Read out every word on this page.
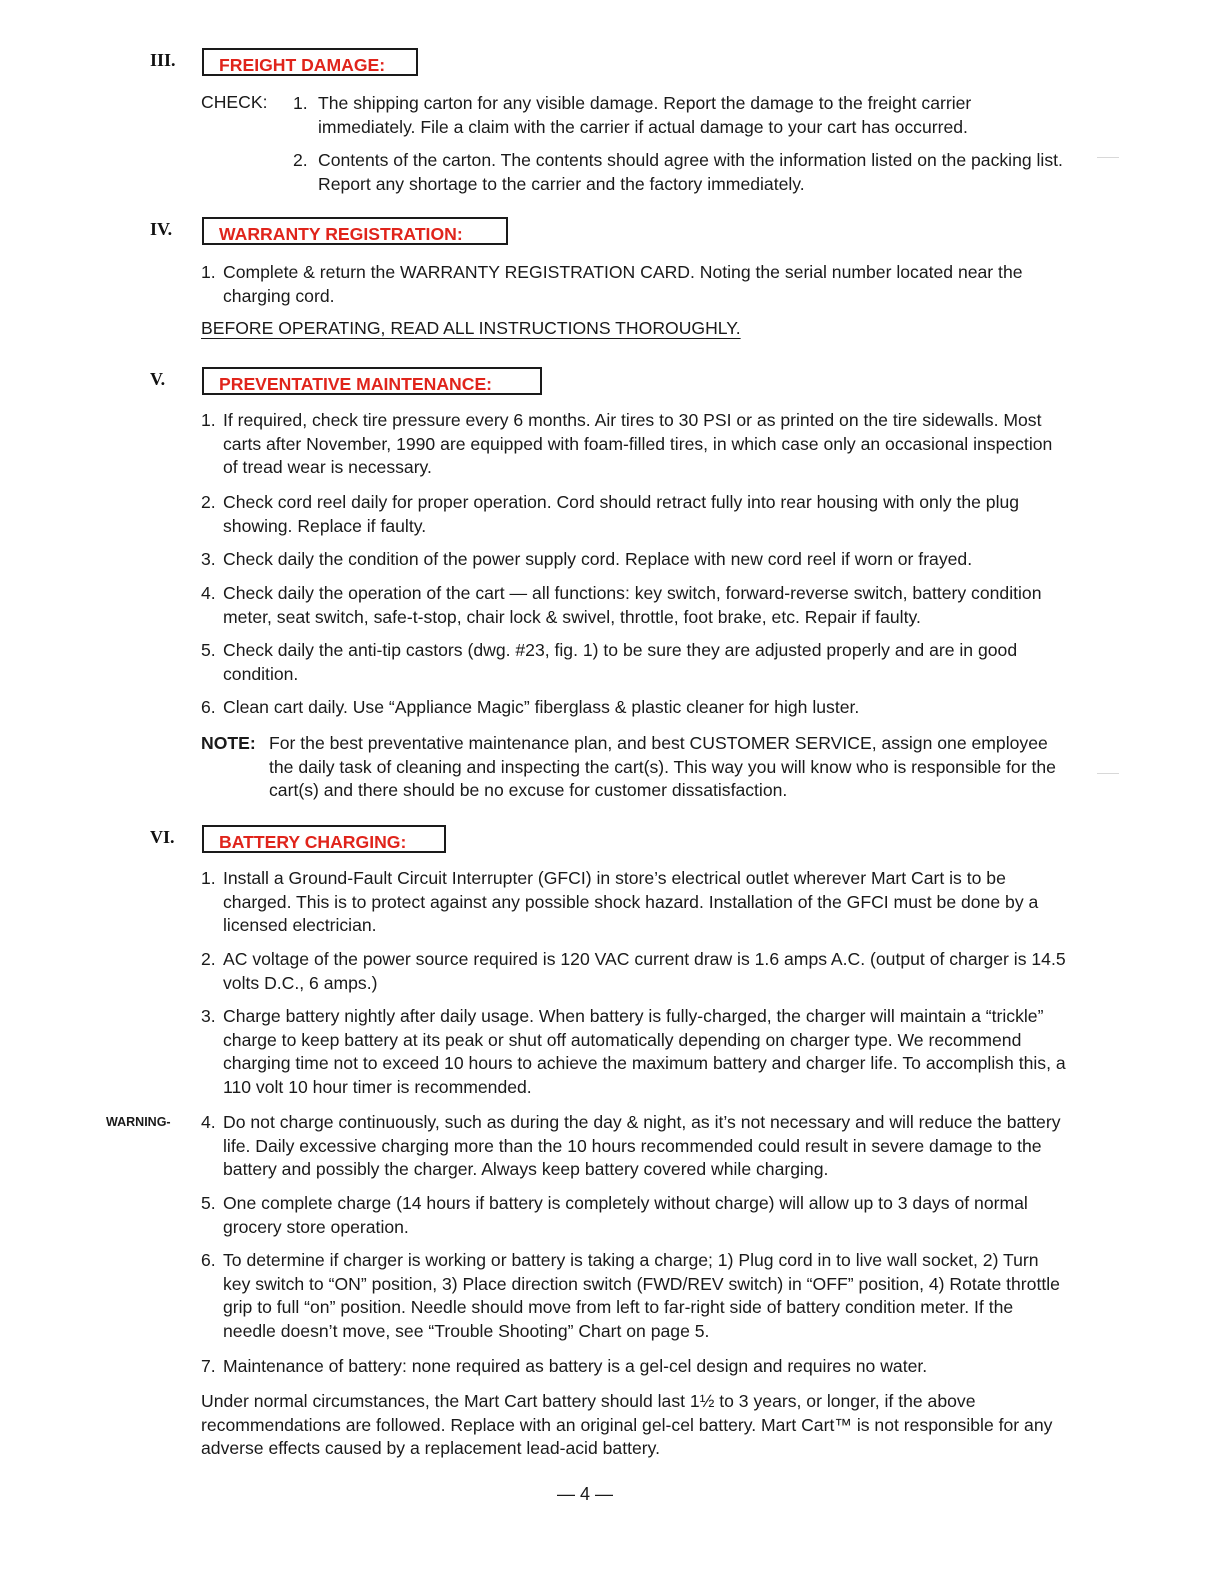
III.	FREIGHT DAMAGE:
CHECK: 1. The shipping carton for any visible damage. Report the damage to the freight carrier immediately. File a claim with the carrier if actual damage to your cart has occurred.
2. Contents of the carton. The contents should agree with the information listed on the packing list. Report any shortage to the carrier and the factory immediately.
IV.	WARRANTY REGISTRATION:
1. Complete & return the WARRANTY REGISTRATION CARD. Noting the serial number located near the charging cord.
BEFORE OPERATING, READ ALL INSTRUCTIONS THOROUGHLY.
V.	PREVENTATIVE MAINTENANCE:
1. If required, check tire pressure every 6 months. Air tires to 30 PSI or as printed on the tire sidewalls. Most carts after November, 1990 are equipped with foam-filled tires, in which case only an occasional inspection of tread wear is necessary.
2. Check cord reel daily for proper operation. Cord should retract fully into rear housing with only the plug showing. Replace if faulty.
3. Check daily the condition of the power supply cord. Replace with new cord reel if worn or frayed.
4. Check daily the operation of the cart — all functions: key switch, forward-reverse switch, battery condition meter, seat switch, safe-t-stop, chair lock & swivel, throttle, foot brake, etc. Repair if faulty.
5. Check daily the anti-tip castors (dwg. #23, fig. 1) to be sure they are adjusted properly and are in good condition.
6. Clean cart daily. Use “Appliance Magic” fiberglass & plastic cleaner for high luster.
NOTE: For the best preventative maintenance plan, and best CUSTOMER SERVICE, assign one employee the daily task of cleaning and inspecting the cart(s). This way you will know who is responsible for the cart(s) and there should be no excuse for customer dissatisfaction.
VI.	BATTERY CHARGING:
1. Install a Ground-Fault Circuit Interrupter (GFCI) in store’s electrical outlet wherever Mart Cart is to be charged. This is to protect against any possible shock hazard. Installation of the GFCI must be done by a licensed electrician.
2. AC voltage of the power source required is 120 VAC current draw is 1.6 amps A.C. (output of charger is 14.5 volts D.C., 6 amps.)
3. Charge battery nightly after daily usage. When battery is fully-charged, the charger will maintain a “trickle” charge to keep battery at its peak or shut off automatically depending on charger type. We recommend charging time not to exceed 10 hours to achieve the maximum battery and charger life. To accomplish this, a 110 volt 10 hour timer is recommended.
WARNING- 4. Do not charge continuously, such as during the day & night, as it’s not necessary and will reduce the battery life. Daily excessive charging more than the 10 hours recommended could result in severe damage to the battery and possibly the charger. Always keep battery covered while charging.
5. One complete charge (14 hours if battery is completely without charge) will allow up to 3 days of normal grocery store operation.
6. To determine if charger is working or battery is taking a charge; 1) Plug cord in to live wall socket, 2) Turn key switch to “ON” position, 3) Place direction switch (FWD/REV switch) in “OFF” position, 4) Rotate throttle grip to full “on” position. Needle should move from left to far-right side of battery condition meter. If the needle doesn’t move, see “Trouble Shooting” Chart on page 5.
7. Maintenance of battery: none required as battery is a gel-cel design and requires no water.
Under normal circumstances, the Mart Cart battery should last 1½ to 3 years, or longer, if the above recommendations are followed. Replace with an original gel-cel battery. Mart Cart™ is not responsible for any adverse effects caused by a replacement lead-acid battery.
— 4 —
